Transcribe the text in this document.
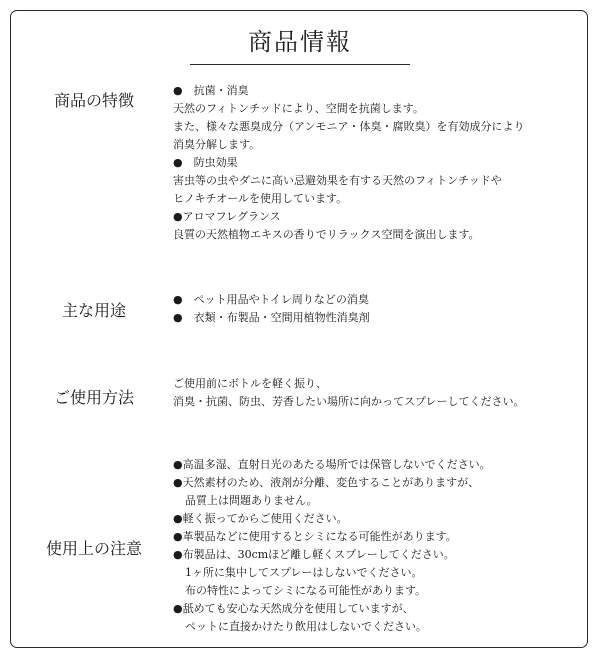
商品情報
商品の特徴
●　抗菌・消臭
天然のフィトンチッドにより、空間を抗菌します。
また、様々な悪臭成分（アンモニア・体臭・腐敗臭）を有効成分により
消臭分解します。
●　防虫効果
害虫等の虫やダニに高い忌避効果を有する天然のフィトンチッドや
ヒノキチオールを使用しています。
●アロマフレグランス
良質の天然植物エキスの香りでリラックス空間を演出します。
主な用途
●　ペット用品やトイレ周りなどの消臭
●　衣類・布製品・空間用植物性消臭剤
ご使用方法
ご使用前にボトルを軽く振り、
消臭・抗菌、防虫、芳香したい場所に向かってスプレーしてください。
使用上の注意
●高温多湿、直射日光のあたる場所では保管しないでください。
●天然素材のため、液剤が分離、変色することがありますが、
品質上は問題ありません。
●軽く振ってからご使用ください。
●革製品などに使用するとシミになる可能性があります。
●布製品は、30cmほど離し軽くスプレーしてください。
1ヶ所に集中してスプレーはしないでください。
布の特性によってシミになる可能性があります。
●舐めても安心な天然成分を使用していますが、
ペットに直接かけたり飲用はしないでください。
